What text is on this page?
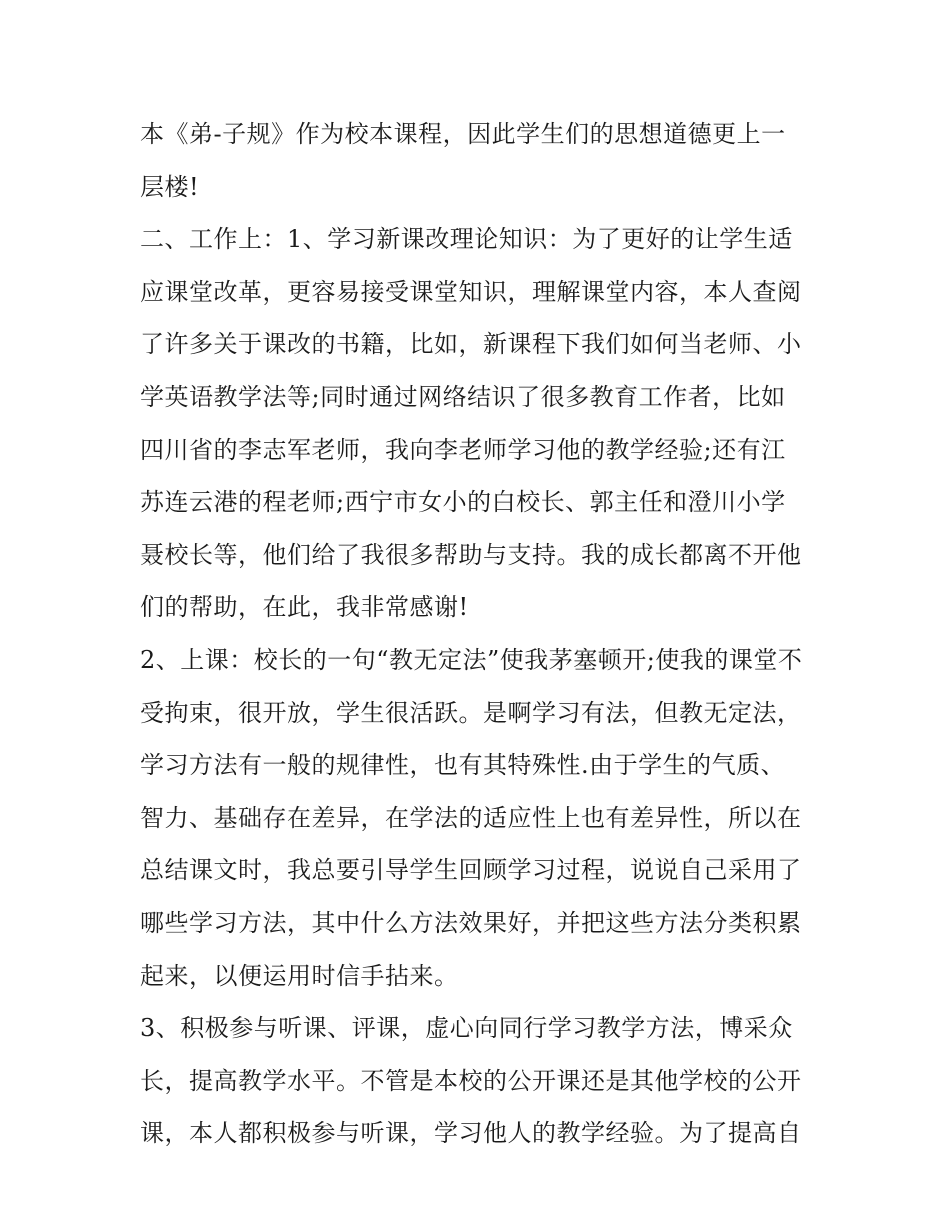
本《弟-子规》作为校本课程，因此学生们的思想道德更上一
层楼!
二、工作上：1、学习新课改理论知识：为了更好的让学生适
应课堂改革，更容易接受课堂知识，理解课堂内容，本人查阅
了许多关于课改的书籍，比如，新课程下我们如何当老师、小
学英语教学法等;同时通过网络结识了很多教育工作者，比如
四川省的李志军老师，我向李老师学习他的教学经验;还有江
苏连云港的程老师;西宁市女小的白校长、郭主任和澄川小学
聂校长等，他们给了我很多帮助与支持。我的成长都离不开他
们的帮助，在此，我非常感谢!
2、上课：校长的一句“教无定法”使我茅塞顿开;使我的课堂不
受拘束，很开放，学生很活跃。是啊学习有法，但教无定法，
学习方法有一般的规律性，也有其特殊性.由于学生的气质、
智力、基础存在差异，在学法的适应性上也有差异性，所以在
总结课文时，我总要引导学生回顾学习过程，说说自己采用了
哪些学习方法，其中什么方法效果好，并把这些方法分类积累
起来，以便运用时信手拈来。
3、积极参与听课、评课，虚心向同行学习教学方法，博采众
长，提高教学水平。不管是本校的公开课还是其他学校的公开
课，本人都积极参与听课，学习他人的教学经验。为了提高自
